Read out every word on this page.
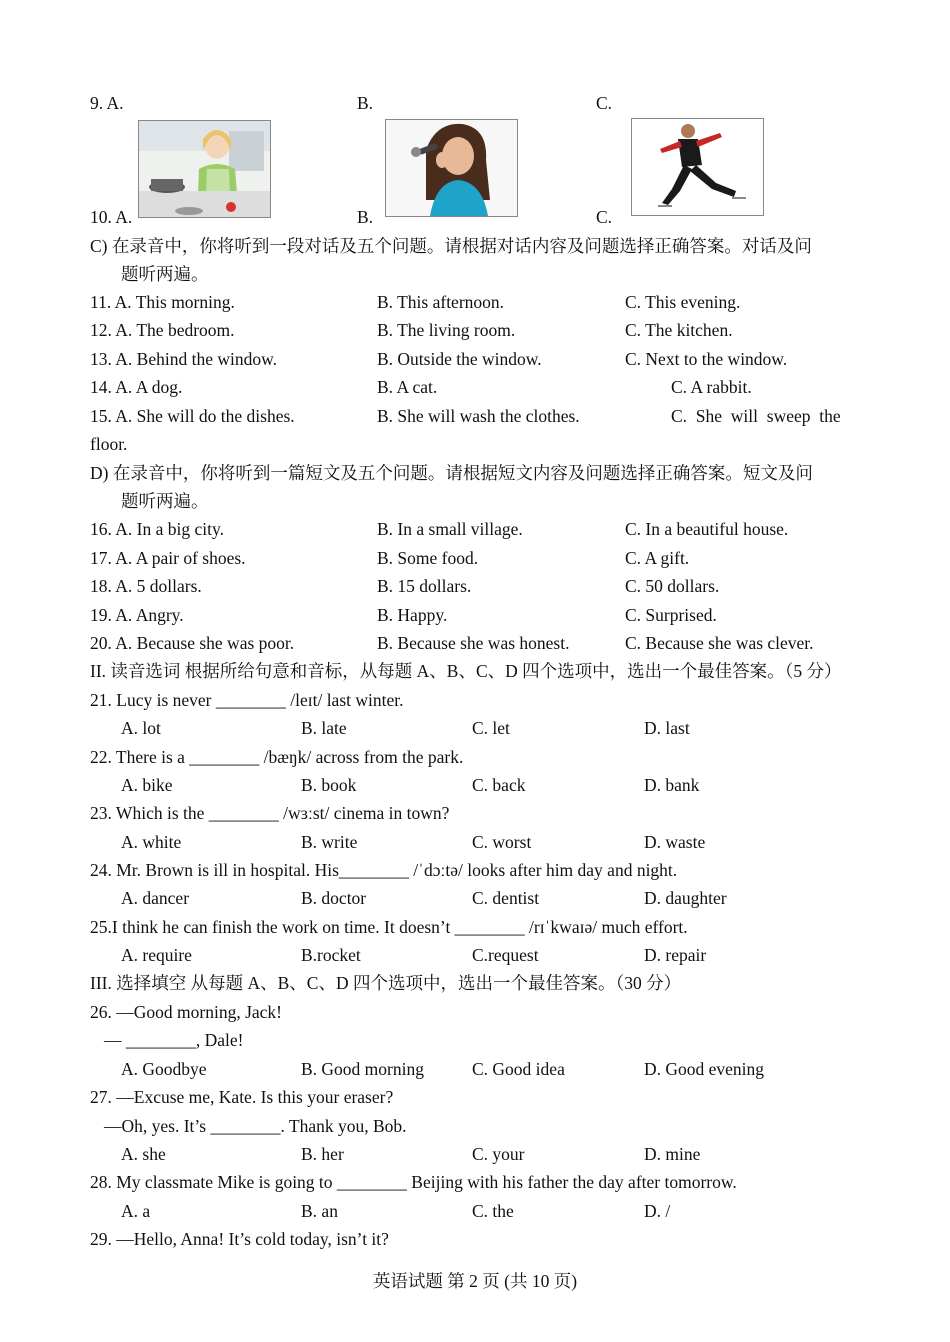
9. A.	B.	C.
10. A.	B.	C.
C) 在录音中，你将听到一段对话及五个问题。请根据对话内容及问题选择正确答案。对话及问
题听两遍。
11. A. This morning.	B. This afternoon.	C. This evening.
12. A. The bedroom.	B. The living room.	C. The kitchen.
13. A. Behind the window.	B. Outside the window.	C. Next to the window.
14. A. A dog.	B. A cat.	C. A rabbit.
15. A. She will do the dishes.	B. She will wash the clothes.	C.  She  will  sweep  the
floor.
D) 在录音中，你将听到一篇短文及五个问题。请根据短文内容及问题选择正确答案。短文及问
题听两遍。
16. A. In a big city.	B. In a small village.	C. In a beautiful house.
17. A. A pair of shoes.	B. Some food.	C. A gift.
18. A. 5 dollars.	B. 15 dollars.	C. 50 dollars.
19. A. Angry.	B. Happy.	C. Surprised.
20. A. Because she was poor.	B. Because she was honest.	C. Because she was clever.
II. 读音选词 根据所给句意和音标，从每题 A、B、C、D 四个选项中，选出一个最佳答案。（5 分）
21. Lucy is never ________ /leɪt/ last winter.
A. lot	B. late	C. let	D. last
22. There is a ________ /bæŋk/ across from the park.
A. bike	B. book	C. back	D. bank
23. Which is the ________ /wɜːst/ cinema in town?
A. white	B. write	C. worst	D. waste
24. Mr. Brown is ill in hospital. His________ /ˈdɔːtə/ looks after him day and night.
A. dancer	B. doctor	C. dentist	D. daughter
25.I think he can finish the work on time. It doesn’t ________ /rɪˈkwaɪə/ much effort.
A. require	B.rocket	C.request	D. repair
III. 选择填空 从每题 A、B、C、D 四个选项中，选出一个最佳答案。（30 分）
26. —Good morning, Jack!
— ________, Dale!
A. Goodbye	B. Good morning	C. Good idea	D. Good evening
27. —Excuse me, Kate. Is this your eraser?
—Oh, yes. It’s ________. Thank you, Bob.
A. she	B. her	C. your	D. mine
28. My classmate Mike is going to ________ Beijing with his father the day after tomorrow.
A. a	B. an	C. the	D. /
29. —Hello, Anna! It’s cold today, isn’t it?
英语试题 第 2 页 (共 10 页)
